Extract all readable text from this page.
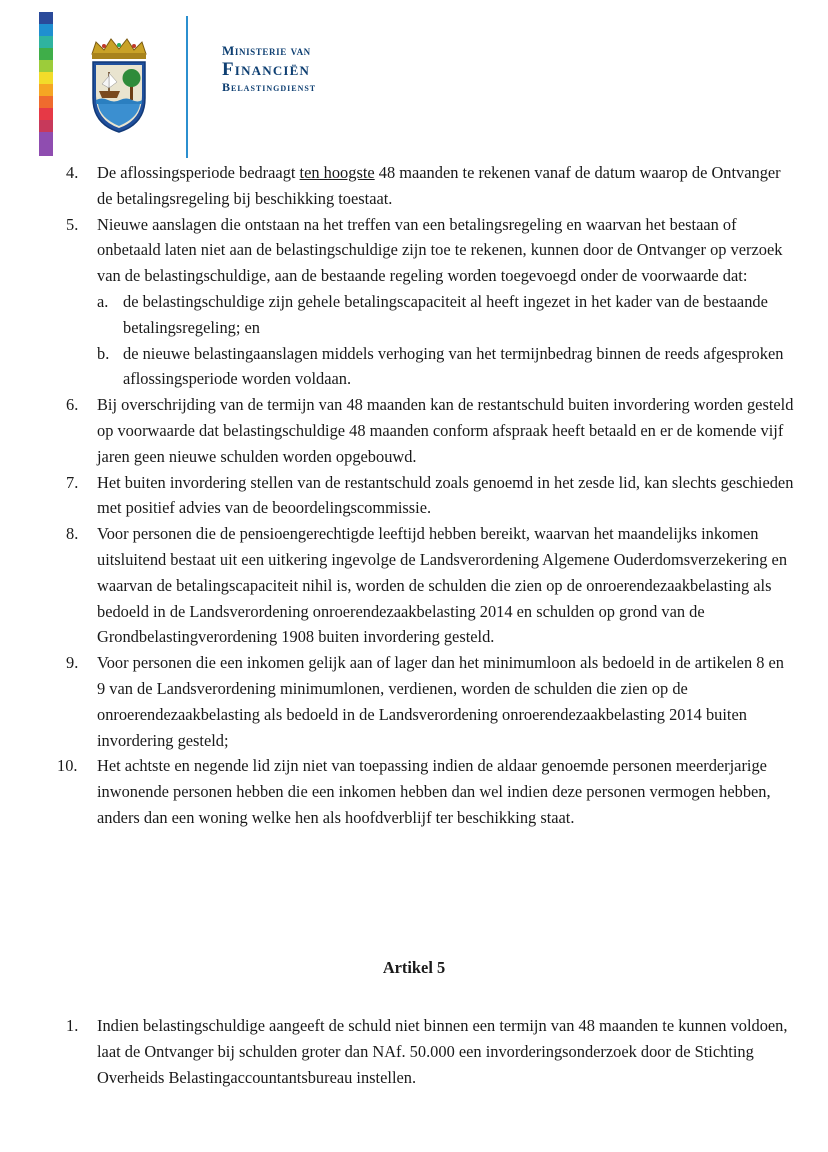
Ministerie van
Financiën
Belastingdienst
4. De aflossingsperiode bedraagt ten hoogste 48 maanden te rekenen vanaf de datum waarop de Ontvanger de betalingsregeling bij beschikking toestaat.
5. Nieuwe aanslagen die ontstaan na het treffen van een betalingsregeling en waarvan het bestaan of onbetaald laten niet aan de belastingschuldige zijn toe te rekenen, kunnen door de Ontvanger op verzoek van de belastingschuldige, aan de bestaande regeling worden toegevoegd onder de voorwaarde dat:
a. de belastingschuldige zijn gehele betalingscapaciteit al heeft ingezet in het kader van de bestaande betalingsregeling; en
b. de nieuwe belastingaanslagen middels verhoging van het termijnbedrag binnen de reeds afgesproken aflossingsperiode worden voldaan.
6. Bij overschrijding van de termijn van 48 maanden kan de restantschuld buiten invordering worden gesteld op voorwaarde dat belastingschuldige 48 maanden conform afspraak heeft betaald en er de komende vijf jaren geen nieuwe schulden worden opgebouwd.
7. Het buiten invordering stellen van de restantschuld zoals genoemd in het zesde lid, kan slechts geschieden met positief advies van de beoordelingscommissie.
8. Voor personen die de pensioengerechtigde leeftijd hebben bereikt, waarvan het maandelijks inkomen uitsluitend bestaat uit een uitkering ingevolge de Landsverordening Algemene Ouderdomsverzekering en waarvan de betalingscapaciteit nihil is, worden de schulden die zien op de onroerendezaakbelasting als bedoeld in de Landsverordening onroerendezaakbelasting 2014 en schulden op grond van de Grondbelastingverordening 1908 buiten invordering gesteld.
9. Voor personen die een inkomen gelijk aan of lager dan het minimumloon als bedoeld in de artikelen 8 en 9 van de Landsverordening minimumlonen, verdienen, worden de schulden die zien op de onroerendezaakbelasting als bedoeld in de Landsverordening onroerendezaakbelasting 2014 buiten invordering gesteld;
10. Het achtste en negende lid zijn niet van toepassing indien de aldaar genoemde personen meerderjarige inwonende personen hebben die een inkomen hebben dan wel indien deze personen vermogen hebben, anders dan een woning welke hen als hoofdverblijf ter beschikking staat.
Artikel 5
1. Indien belastingschuldige aangeeft de schuld niet binnen een termijn van 48 maanden te kunnen voldoen, laat de Ontvanger bij schulden groter dan NAf. 50.000 een invorderingsonderzoek door de Stichting Overheids Belastingaccountantsbureau instellen.
